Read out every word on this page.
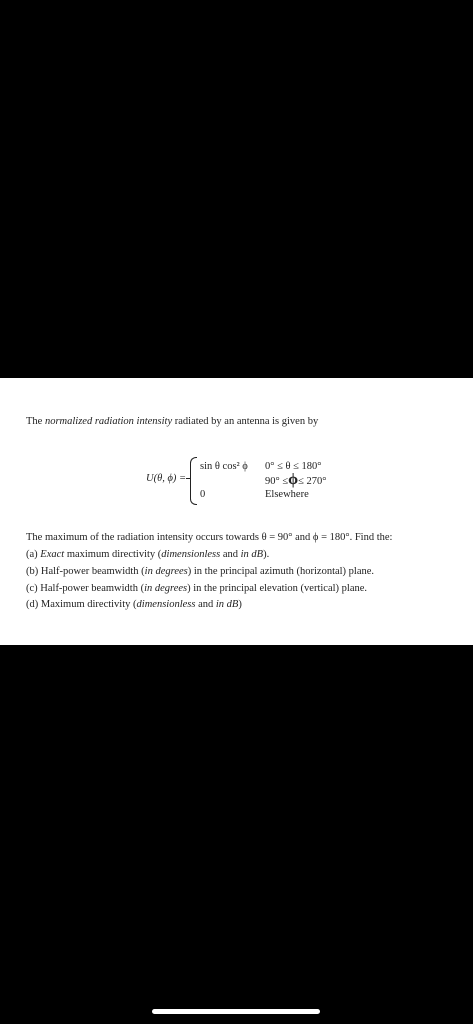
The normalized radiation intensity radiated by an antenna is given by
U(θ, ϕ) =
sin θ cos² ϕ 0° ≤ θ ≤ 180°
90° ≤ϕ≤ 270°
0	Elsewhere
The maximum of the radiation intensity occurs towards θ = 90° and ϕ = 180°. Find the:
(a) Exact maximum directivity (dimensionless and in dB).
(b) Half-power beamwidth (in degrees) in the principal azimuth (horizontal) plane.
(c) Half-power beamwidth (in degrees) in the principal elevation (vertical) plane.
(d) Maximum directivity (dimensionless and in dB)
